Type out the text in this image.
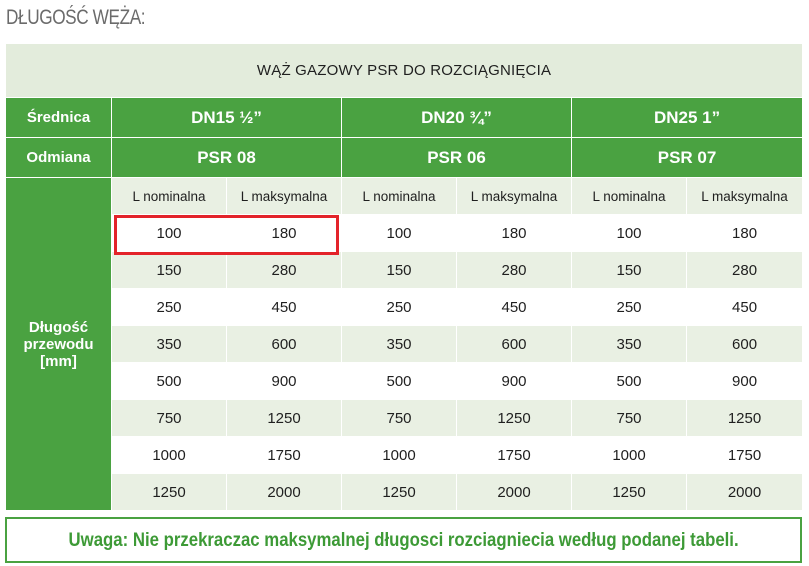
DŁUGOŚĆ WĘŻA:
WĄŻ GAZOWY PSR DO ROZCIĄGNIĘCIA						
Średnica	DN15 ½”		DN20 ¾”		DN25 1”	
Odmiana	PSR 08		PSR 06		PSR 07	

Długość
przewodu
[mm]	L nominalna	L maksymalna	L nominalna	L maksymalna	L nominalna	L maksymalna
	100	180	100	180	100	180
	150	280	150	280	150	280
	250	450	250	450	250	450
	350	600	350	600	350	600
	500	900	500	900	500	900
	750	1250	750	1250	750	1250
	1000	1750	1000	1750	1000	1750
	1250	2000	1250	2000	1250	2000
Uwaga: Nie przekraczac maksymalnej długosci rozciagniecia według podanej tabeli.
